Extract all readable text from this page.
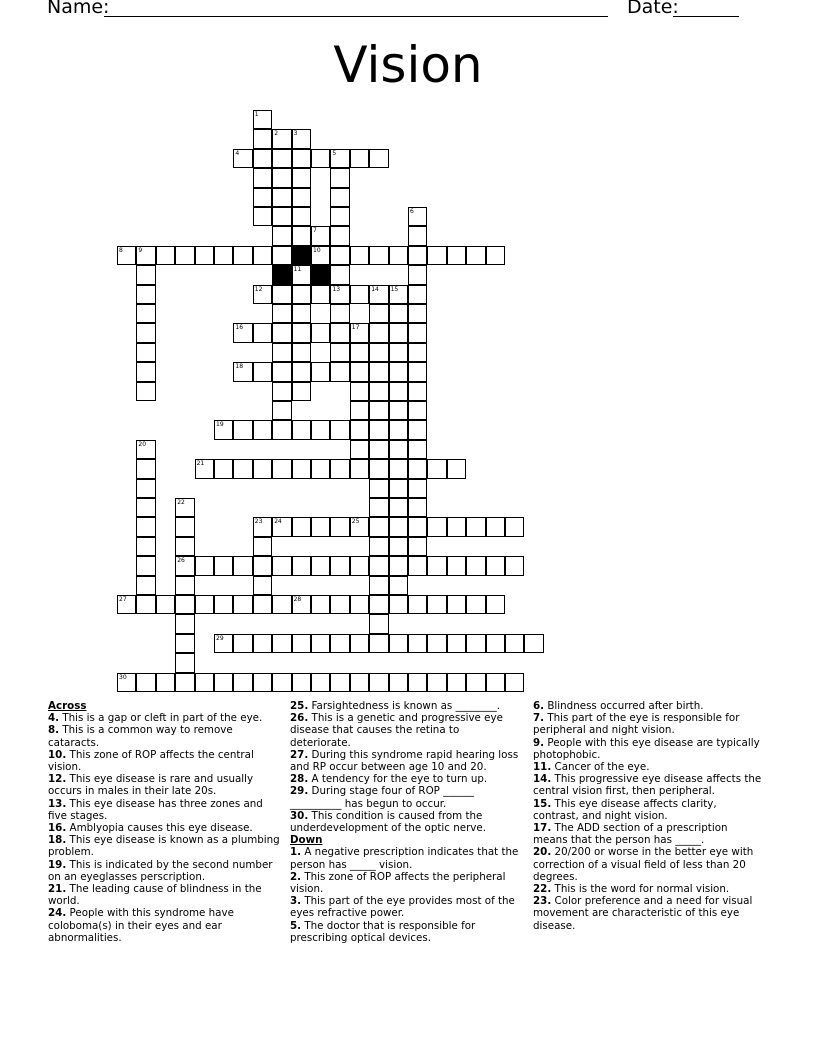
Name:	Date:
Vision
4	5
8	9	10
12	13	14
16	17
18
19
21
24	25
26
27	28
29
30
1
2	3
11
6
7
15
20
22
23
Across
4. This is a gap or cleft in part of the eye.
8. This is a common way to remove cataracts.
10. This zone of ROP affects the central vision.
12. This eye disease is rare and usually occurs in males in their late 20s.
13. This eye disease has three zones and five stages.
16. Amblyopia causes this eye disease.
18. This eye disease is known as a plumbing problem.
19. This is indicated by the second number on an eyeglasses perscription.
21. The leading cause of blindness in the world.
24. People with this syndrome have coloboma(s) in their eyes and ear abnormalities.
25. Farsightedness is known as ________.
26. This is a genetic and progressive eye disease that causes the retina to deteriorate.
27. During this syndrome rapid hearing loss and RP occur between age 10 and 20.
28. A tendency for the eye to turn up.
29. During stage four of ROP ______ __________ has begun to occur.
30. This condition is caused from the underdevelopment of the optic nerve.
Down
1. A negative prescription indicates that the person has _____ vision.
2. This zone of ROP affects the peripheral vision.
3. This part of the eye provides most of the eyes refractive power.
5. The doctor that is responsible for prescribing optical devices.
6. Blindness occurred after birth.
7. This part of the eye is responsible for peripheral and night vision.
9. People with this eye disease are typically photophobic.
11. Cancer of the eye.
14. This progressive eye disease affects the central vision first, then peripheral.
15. This eye disease affects clarity, contrast, and night vision.
17. The ADD section of a prescription means that the person has _____.
20. 20/200 or worse in the better eye with correction of a visual field of less than 20 degrees.
22. This is the word for normal vision.
23. Color preference and a need for visual movement are characteristic of this eye disease.
